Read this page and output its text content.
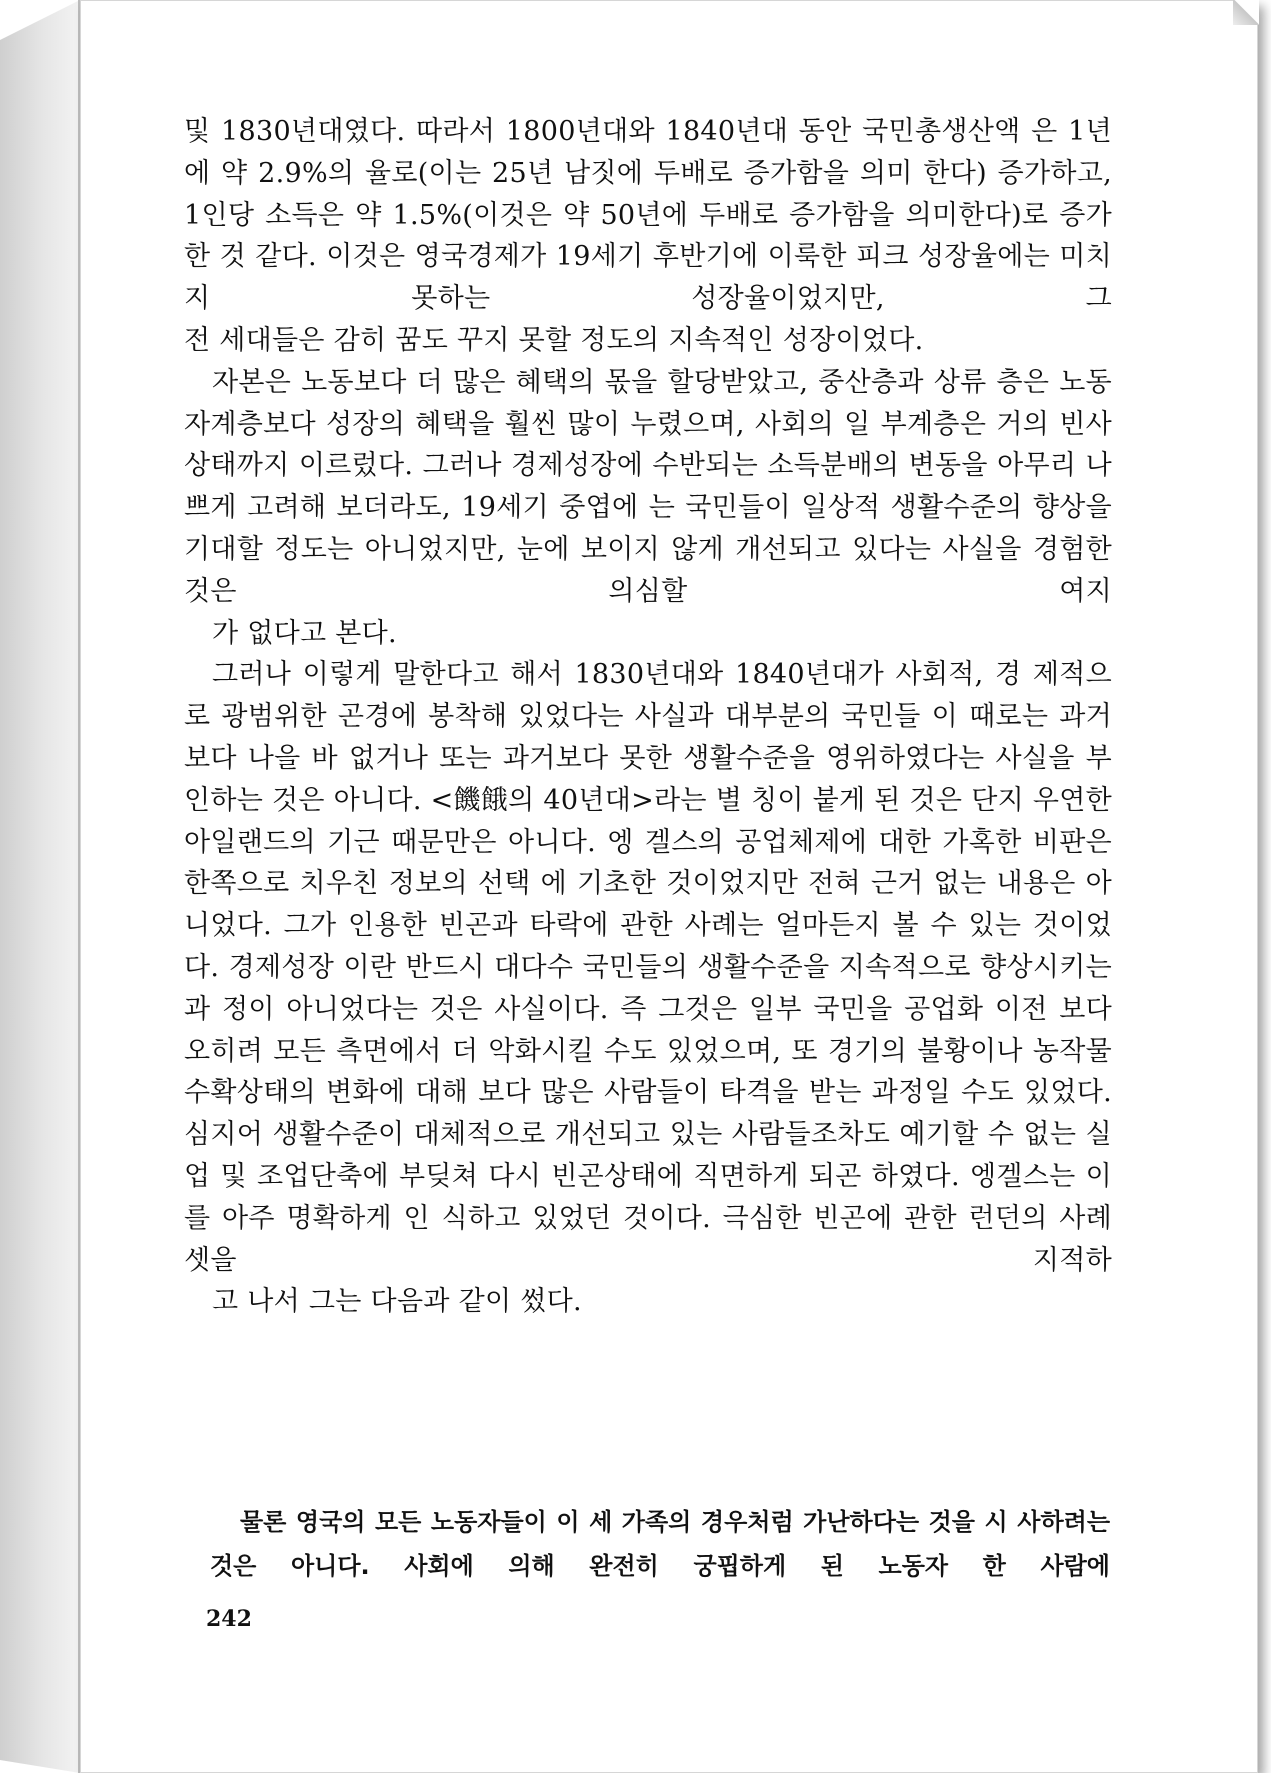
및 1830년대였다. 따라서 1800년대와 1840년대 동안 국민총생산액 은 1년에 약 2.9%의 율로(이는 25년 남짓에 두배로 증가함을 의미 한다) 증가하고, 1인당 소득은 약 1.5%(이것은 약 50년에 두배로 증가함을 의미한다)로 증가한 것 같다. 이것은 영국경제가 19세기 후반기에 이룩한 피크 성장율에는 미치지 못하는 성장율이었지만, 그
전 세대들은 감히 꿈도 꾸지 못할 정도의 지속적인 성장이었다.

자본은 노동보다 더 많은 혜택의 몫을 할당받았고, 중산층과 상류 층은 노동자계층보다 성장의 혜택을 훨씬 많이 누렸으며, 사회의 일 부계층은 거의 빈사상태까지 이르렀다. 그러나 경제성장에 수반되는 소득분배의 변동을 아무리 나쁘게 고려해 보더라도, 19세기 중엽에 는 국민들이 일상적 생활수준의 향상을 기대할 정도는 아니었지만, 눈에 보이지 않게 개선되고 있다는 사실을 경험한 것은 의심할 여지
가 없다고 본다.

그러나 이렇게 말한다고 해서 1830년대와 1840년대가 사회적, 경 제적으로 광범위한 곤경에 봉착해 있었다는 사실과 대부분의 국민들 이 때로는 과거보다 나을 바 없거나 또는 과거보다 못한 생활수준을 영위하였다는 사실을 부인하는 것은 아니다. <饑餓의 40년대>라는 별 칭이 붙게 된 것은 단지 우연한 아일랜드의 기근 때문만은 아니다. 엥 겔스의 공업체제에 대한 가혹한 비판은 한쪽으로 치우친 정보의 선택 에 기초한 것이었지만 전혀 근거 없는 내용은 아니었다. 그가 인용한 빈곤과 타락에 관한 사례는 얼마든지 볼 수 있는 것이었다. 경제성장 이란 반드시 대다수 국민들의 생활수준을 지속적으로 향상시키는 과 정이 아니었다는 것은 사실이다. 즉 그것은 일부 국민을 공업화 이전 보다 오히려 모든 측면에서 더 악화시킬 수도 있었으며, 또 경기의 불황이나 농작물 수확상태의 변화에 대해 보다 많은 사람들이 타격을 받는 과정일 수도 있었다. 심지어 생활수준이 대체적으로 개선되고 있는 사람들조차도 예기할 수 없는 실업 및 조업단축에 부딪쳐 다시 빈곤상태에 직면하게 되곤 하였다. 엥겔스는 이를 아주 명확하게 인 식하고 있었던 것이다. 극심한 빈곤에 관한 런던의 사례 셋을 지적하
고 나서 그는 다음과 같이 썼다.

물론 영국의 모든 노동자들이 이 세 가족의 경우처럼 가난하다는 것을 시 사하려는 것은 아니다. 사회에 의해 완전히 궁핍하게 된 노동자 한 사람에

242
